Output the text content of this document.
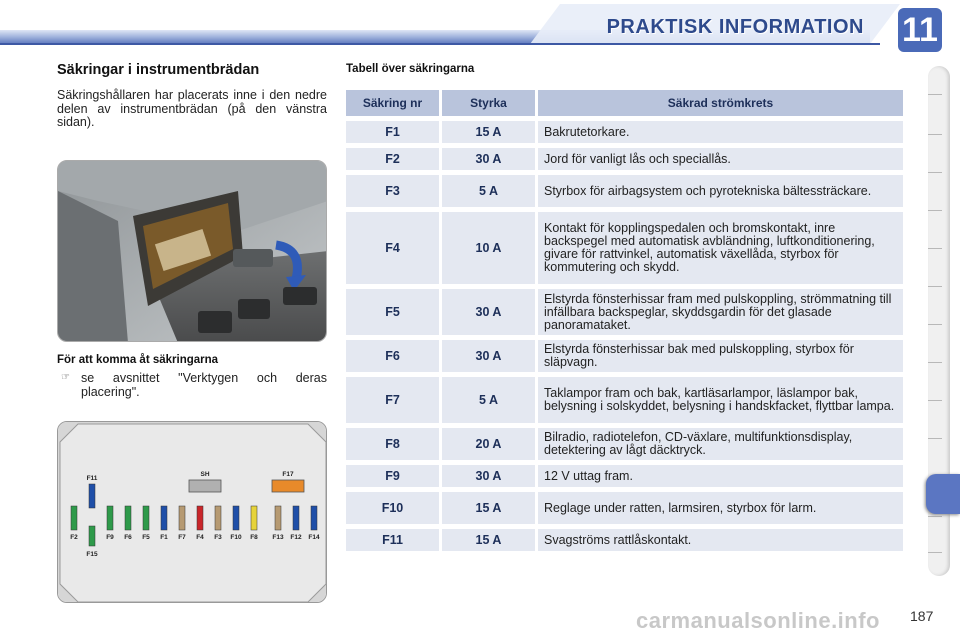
PRAKTISK INFORMATION 11
Säkringar i instrumentbrädan
Säkringshållaren har placerats inne i den nedre delen av instrumentbrädan (på den vänstra sidan).
För att komma åt säkringarna
☞ se avsnittet "Verktygen och deras placering".
F2	F9 F6 F5 F1 F7 F4 F3 F10 F8 F13 F12 F14
F11
F15
SH	F17
Tabell över säkringarna
Säkring nr	Styrka	Säkrad strömkrets
F1	15 A	Bakrutetorkare.
F2	30 A	Jord för vanligt lås och speciallås.
F3	5 A	Styrbox för airbagsystem och pyrotekniska bältessträckare.
F4	10 A	Kontakt för kopplingspedalen och bromskontakt, inre backspegel med automatisk avbländning, luftkonditionering, givare för rattvinkel, automatisk växellåda, styrbox för kommutering och skydd.
F5	30 A	Elstyrda fönsterhissar fram med pulskoppling, strömmatning till infällbara backspeglar, skyddsgardin för det glasade panoramataket.
F6	30 A	Elstyrda fönsterhissar bak med pulskoppling, styrbox för släpvagn.
F7	5 A	Taklampor fram och bak, kartläsarlampor, läslampor bak, belysning i solskyddet, belysning i handskfacket, flyttbar lampa.
F8	20 A	Bilradio, radiotelefon, CD-växlare, multifunktionsdisplay, detektering av lågt däcktryck.
F9	30 A	12 V uttag fram.
F10	15 A	Reglage under ratten, larmsiren, styrbox för larm.
F11	15 A	Svagströms rattlåskontakt.
carmanualsonline.info 187
